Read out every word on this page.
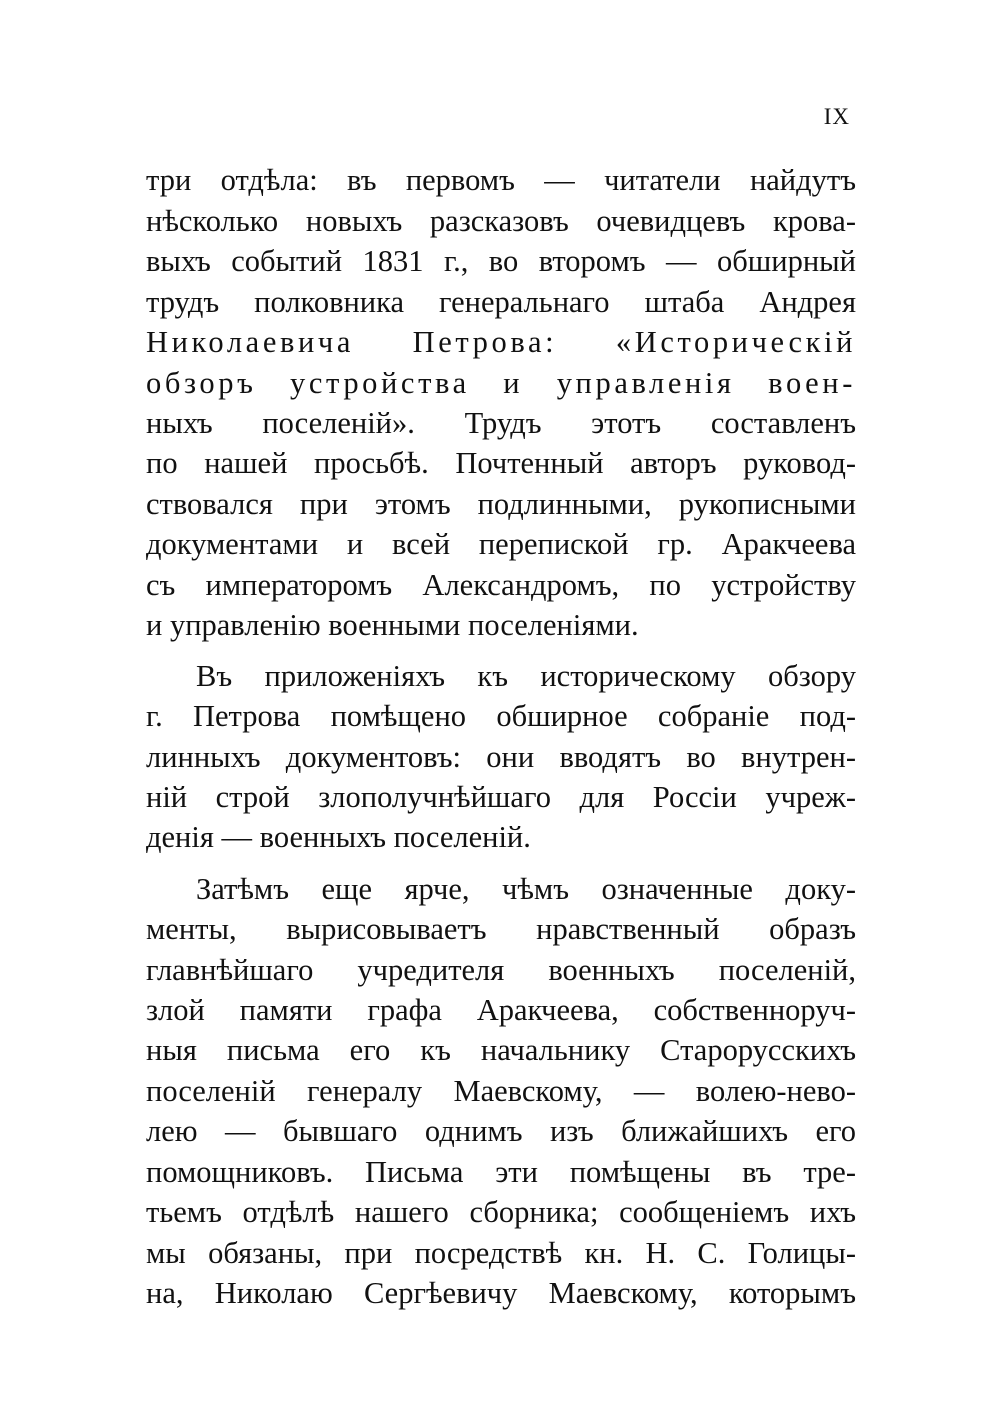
IX
три отдѣла: въ первомъ — читатели найдутъ
нѣсколько новыхъ разсказовъ очевидцевъ крова-
выхъ событий 1831 г., во второмъ — обширный
трудъ полковника генеральнаго штаба Андрея
Николаевича Петрова: «Историческій
обзоръ устройства и управленія воен-
ныхъ поселеній». Трудъ этотъ составленъ
по нашей просьбѣ. Почтенный авторъ руковод-
ствовался при этомъ подлинными, рукописными
документами и всей перепиской гр. Аракчеева
съ императоромъ Александромъ, по устройству
и управленію военными поселеніями.
Въ приложеніяхъ къ историческому обзору
г. Петрова помѣщено обширное собраніе под-
линныхъ документовъ: они вводятъ во внутрен-
ній строй злополучнѣйшаго для Россіи учреж-
денія — военныхъ поселеній.
Затѣмъ еще ярче, чѣмъ означенные доку-
менты, вырисовываетъ нравственный образъ
главнѣйшаго учредителя военныхъ поселеній,
злой памяти графа Аракчеева, собственноруч-
ныя письма его къ начальнику Старорусскихъ
поселеній генералу Маевскому, — волею-нево-
лею — бывшаго однимъ изъ ближайшихъ его
помощниковъ. Письма эти помѣщены въ тре-
тьемъ отдѣлѣ нашего сборника; сообщеніемъ ихъ
мы обязаны, при посредствѣ кн. Н. С. Голицы-
на, Николаю Сергѣевичу Маевскому, которымъ
